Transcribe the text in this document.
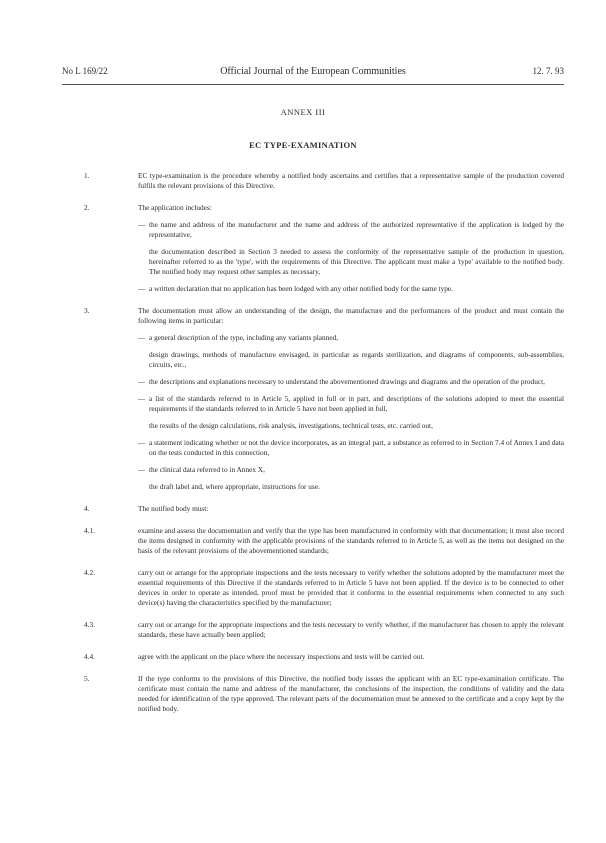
No L 169/22	Official Journal of the European Communities	12. 7. 93
ANNEX III
EC TYPE-EXAMINATION
1.	EC type-examination is the procedure whereby a notified body ascertains and certifies that a representative sample of the production covered fulfils the relevant provisions of this Directive.
2.	The application includes:
— the name and address of the manufacturer and the name and address of the authorized representative if the application is lodged by the representative,
the documentation described in Section 3 needed to assess the conformity of the representative sample of the production in question, hereinafter referred to as the 'type', with the requirements of this Directive. The applicant must make a 'type' available to the notified body. The notified body may request other samples as necessary,
— a written declaration that no application has been lodged with any other notified body for the same type.
3.	The documentation must allow an understanding of the design, the manufacture and the performances of the product and must contain the following items in particular:
— a general description of the type, including any variants planned,
design drawings, methods of manufacture envisaged, in particular as regards sterilization, and diagrams of components, sub-assemblies, circuits, etc.,
— the descriptions and explanations necessary to understand the abovementioned drawings and diagrams and the operation of the product,
— a list of the standards referred to in Article 5, applied in full or in part, and descriptions of the solutions adopted to meet the essential requirements if the standards referred to in Article 5 have not been applied in full,
the results of the design calculations, risk analysis, investigations, technical tests, etc. carried out,
— a statement indicating whether or not the device incorporates, as an integral part, a substance as referred to in Section 7.4 of Annex I and data on the tests conducted in this connection,
— the clinical data referred to in Annex X,
the draft label and, where appropriate, instructions for use.
4.	The notified body must:
4.1.	examine and assess the documentation and verify that the type has been manufactured in conformity with that documentation; it must also record the items designed in conformity with the applicable provisions of the standards referred to in Article 5, as well as the items not designed on the basis of the relevant provisions of the abovementioned standards;
4.2.	carry out or arrange for the appropriate inspections and the tests necessary to verify whether the solutions adopted by the manufacturer meet the essential requirements of this Directive if the standards referred to in Article 5 have not been applied. If the device is to be connected to other devices in order to operate as intended, proof must be provided that it conforms to the essential requirements when connected to any such device(s) having the characteristics specified by the manufacturer;
4.3.	carry out or arrange for the appropriate inspections and the tests necessary to verify whether, if the manufacturer has chosen to apply the relevant standards, these have actually been applied;
4.4.	agree with the applicant on the place where the necessary inspections and tests will be carried out.
5.	If the type conforms to the provisions of this Directive, the notified body issues the applicant with an EC type-examination certificate. The certificate must contain the name and address of the manufacturer, the conclusions of the inspection, the conditions of validity and the data needed for identification of the type approved. The relevant parts of the documentation must be annexed to the certificate and a copy kept by the notified body.
